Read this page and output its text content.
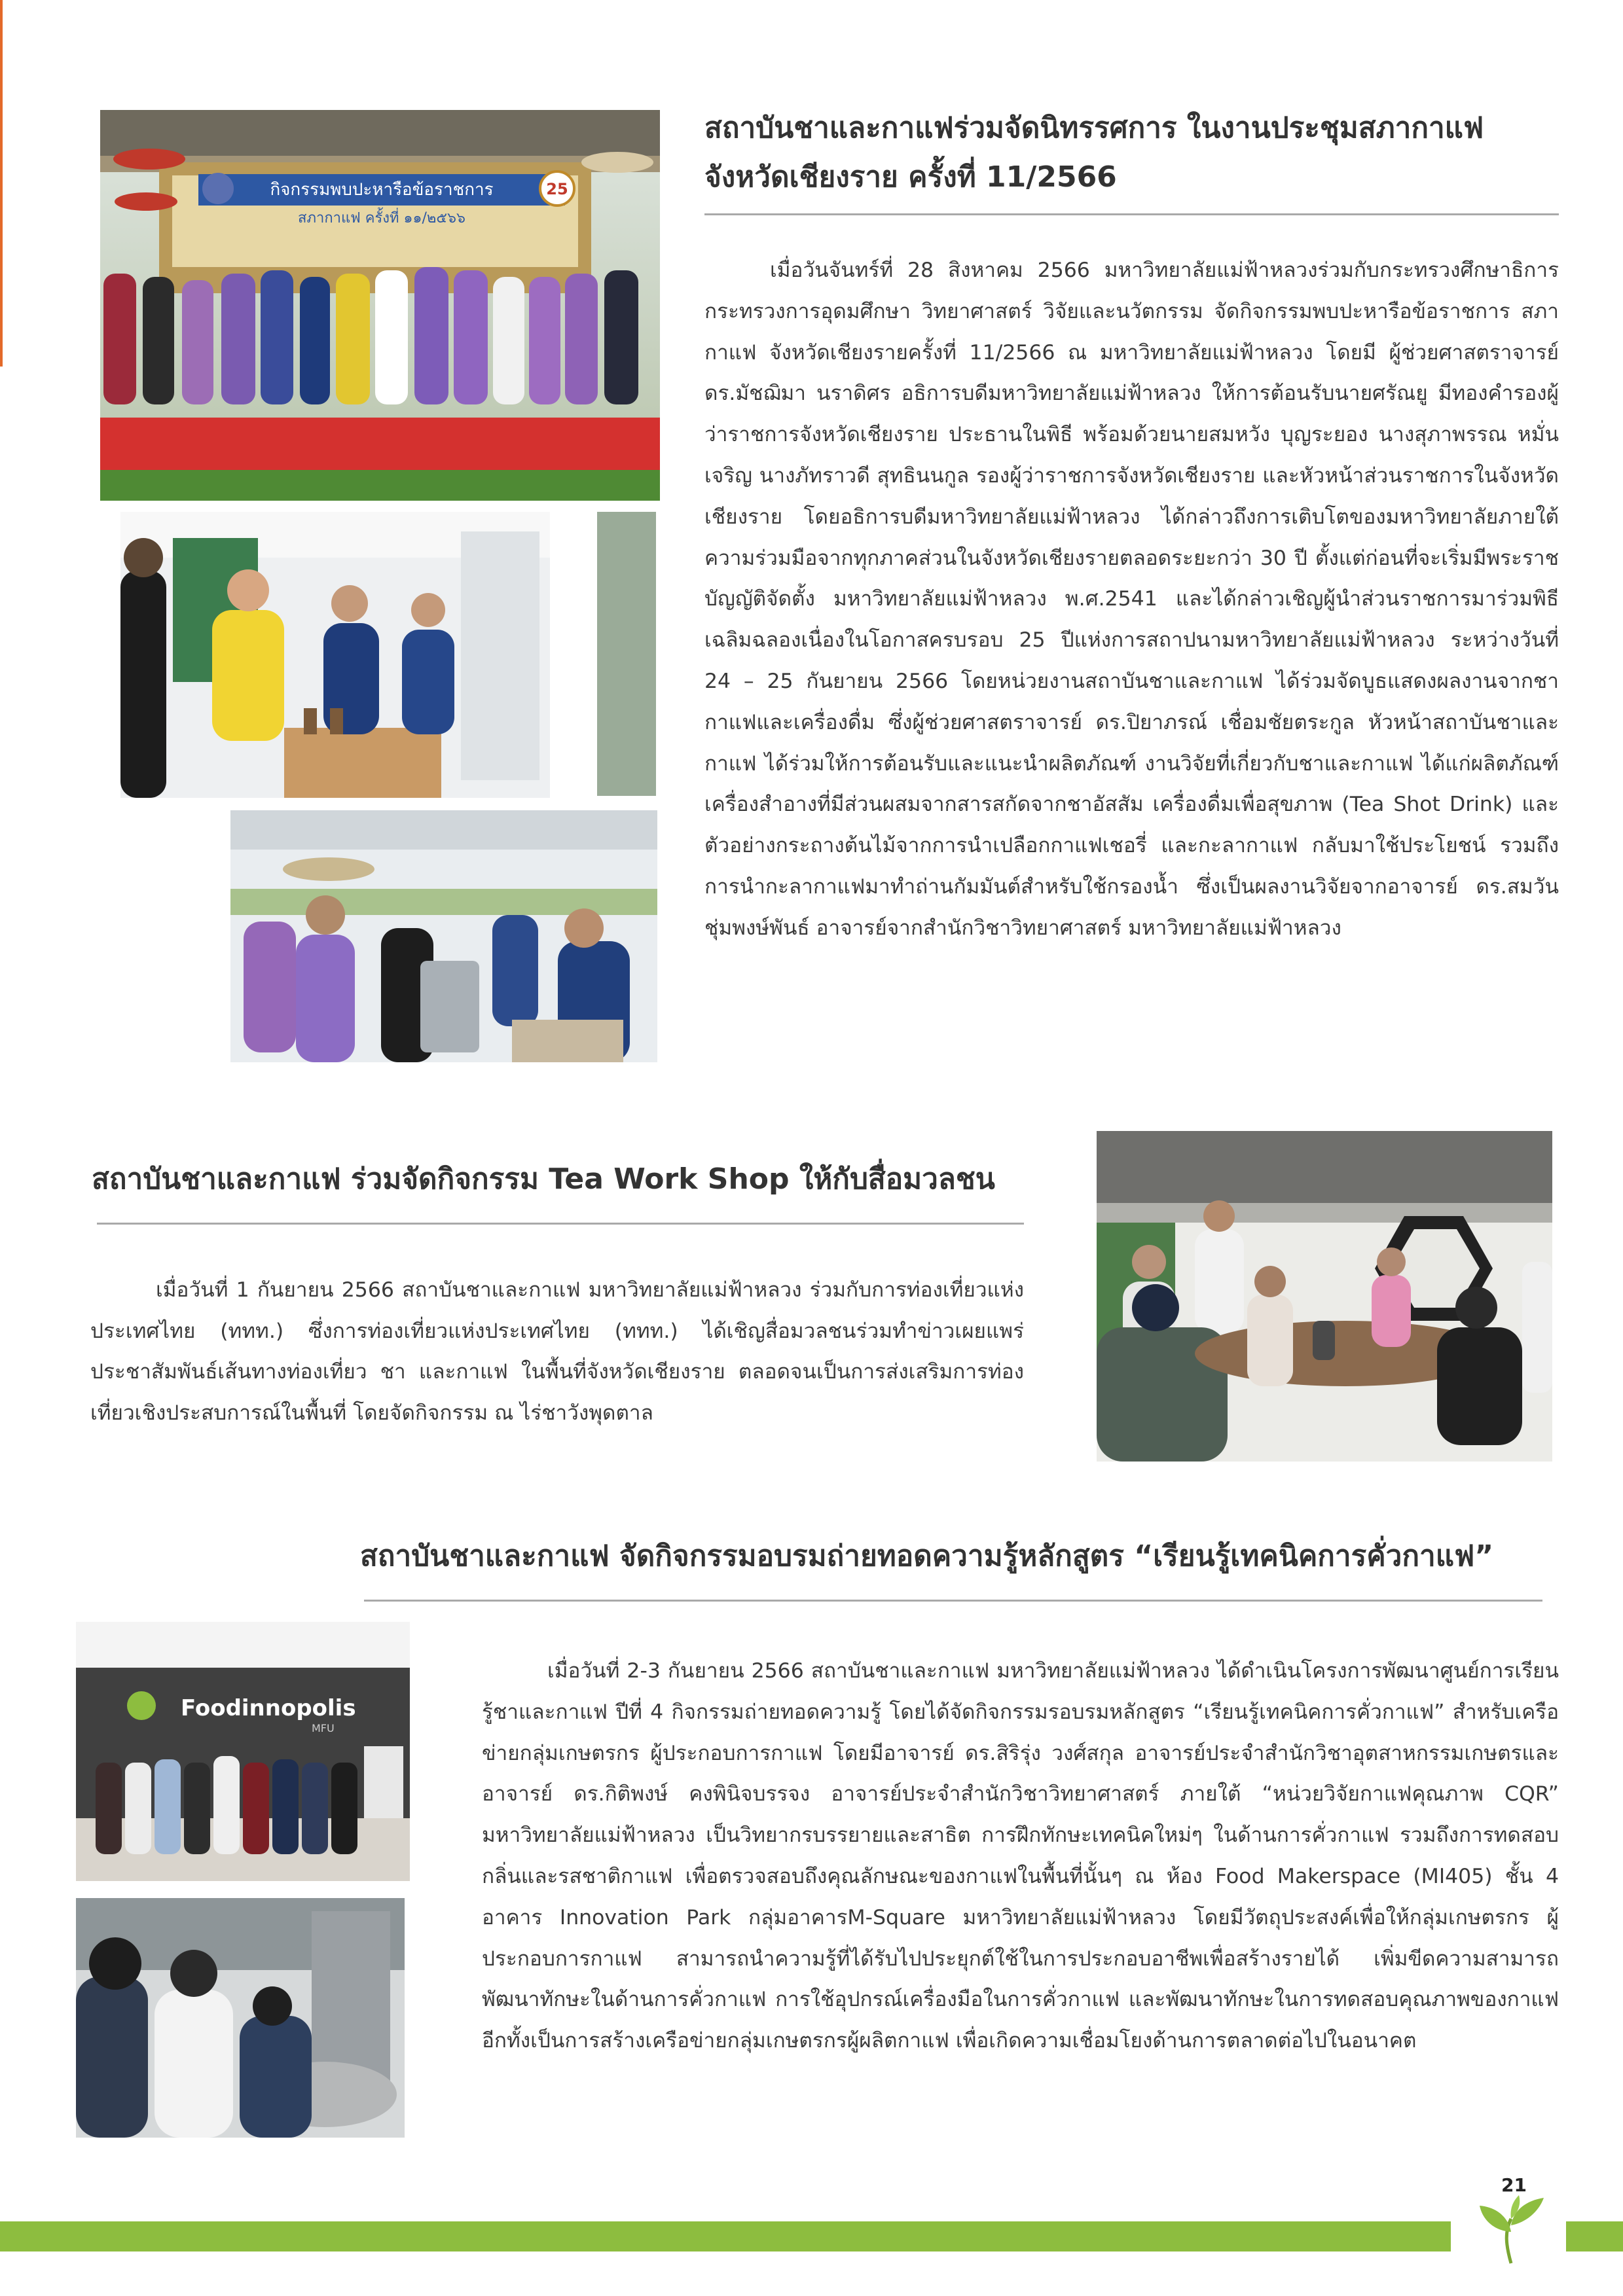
กิจกรรมพบปะหารือข้อราชการ
สภากาแฟ ครั้งที่ ๑๑/๒๕๖๖
25
สถาบันชาและกาแฟร่วมจัดนิทรรศการ ในงานประชุมสภากาแฟ
จังหวัดเชียงราย ครั้งที่ 11/2566

เมื่อวันจันทร์ที่ 28 สิงหาคม 2566 มหาวิทยาลัยแม่ฟ้าหลวงร่วมกับกระทรวงศึกษาธิการ กระทรวงการอุดมศึกษา วิทยาศาสตร์ วิจัยและนวัตกรรม จัดกิจกรรมพบปะหารือข้อราชการ สภากาแฟ จังหวัดเชียงรายครั้งที่ 11/2566 ณ มหาวิทยาลัยแม่ฟ้าหลวง โดยมี ผู้ช่วยศาสตราจารย์ ดร.มัชฌิมา นราดิศร อธิการบดีมหาวิทยาลัยแม่ฟ้าหลวง ให้การต้อนรับนายศรัณยู มีทองคำรองผู้ว่าราชการจังหวัดเชียงราย ประธานในพิธี พร้อมด้วยนายสมหวัง บุญระยอง นางสุภาพรรณ หมั่นเจริญ นางภัทราวดี สุทธินนกูล รองผู้ว่าราชการจังหวัดเชียงราย และหัวหน้าส่วนราชการในจังหวัดเชียงราย โดยอธิการบดีมหาวิทยาลัยแม่ฟ้าหลวง ได้กล่าวถึงการเติบโตของมหาวิทยาลัยภายใต้ความร่วมมือจากทุกภาคส่วนในจังหวัดเชียงรายตลอดระยะกว่า 30 ปี ตั้งแต่ก่อนที่จะเริ่มมีพระราชบัญญัติจัดตั้ง มหาวิทยาลัยแม่ฟ้าหลวง พ.ศ.2541 และได้กล่าวเชิญผู้นำส่วนราชการมาร่วมพิธีเฉลิมฉลองเนื่องในโอกาสครบรอบ 25 ปีแห่งการสถาปนามหาวิทยาลัยแม่ฟ้าหลวง ระหว่างวันที่ 24 – 25 กันยายน 2566 โดยหน่วยงานสถาบันชาและกาแฟ ได้ร่วมจัดบูธแสดงผลงานจากชา กาแฟและเครื่องดื่ม ซึ่งผู้ช่วยศาสตราจารย์ ดร.ปิยาภรณ์ เชื่อมชัยตระกูล หัวหน้าสถาบันชาและกาแฟ ได้ร่วมให้การต้อนรับและแนะนำผลิตภัณฑ์ งานวิจัยที่เกี่ยวกับชาและกาแฟ ได้แก่ผลิตภัณฑ์เครื่องสำอางที่มีส่วนผสมจากสารสกัดจากชาอัสสัม เครื่องดื่มเพื่อสุขภาพ (Tea Shot Drink) และตัวอย่างกระถางต้นไม้จากการนำเปลือกกาแฟเชอรี่ และกะลากาแฟ กลับมาใช้ประโยชน์ รวมถึงการนำกะลากาแฟมาทำถ่านกัมมันต์สำหรับใช้กรองน้ำ ซึ่งเป็นผลงานวิจัยจากอาจารย์ ดร.สมวัน ชุ่มพงษ์พันธ์ อาจารย์จากสำนักวิชาวิทยาศาสตร์ มหาวิทยาลัยแม่ฟ้าหลวง

สถาบันชาและกาแฟ ร่วมจัดกิจกรรม Tea Work Shop ให้กับสื่อมวลชน

เมื่อวันที่ 1 กันยายน 2566 สถาบันชาและกาแฟ มหาวิทยาลัยแม่ฟ้าหลวง ร่วมกับการท่องเที่ยวแห่งประเทศไทย (ททท.) ซึ่งการท่องเที่ยวแห่งประเทศไทย (ททท.) ได้เชิญสื่อมวลชนร่วมทำข่าวเผยแพร่ประชาสัมพันธ์เส้นทางท่องเที่ยว ชา และกาแฟ ในพื้นที่จังหวัดเชียงราย ตลอดจนเป็นการส่งเสริมการท่องเที่ยวเชิงประสบการณ์ในพื้นที่ โดยจัดกิจกรรม ณ ไร่ชาวังพุดตาล

สถาบันชาและกาแฟ จัดกิจกรรมอบรมถ่ายทอดความรู้หลักสูตร “เรียนรู้เทคนิคการคั่วกาแฟ”
Foodinnopolis
MFU

เมื่อวันที่ 2-3 กันยายน 2566 สถาบันชาและกาแฟ มหาวิทยาลัยแม่ฟ้าหลวง ได้ดำเนินโครงการพัฒนาศูนย์การเรียนรู้ชาและกาแฟ ปีที่ 4 กิจกรรมถ่ายทอดความรู้ โดยได้จัดกิจกรรมรอบรมหลักสูตร “เรียนรู้เทคนิคการคั่วกาแฟ” สำหรับเครือข่ายกลุ่มเกษตรกร ผู้ประกอบการกาแฟ โดยมีอาจารย์ ดร.สิริรุ่ง วงศ์สกุล อาจารย์ประจำสำนักวิชาอุตสาหกรรมเกษตรและอาจารย์ ดร.กิติพงษ์ คงพินิจบรรจง อาจารย์ประจำสำนักวิชาวิทยาศาสตร์ ภายใต้ “หน่วยวิจัยกาแฟคุณภาพ CQR” มหาวิทยาลัยแม่ฟ้าหลวง เป็นวิทยากรบรรยายและสาธิต การฝึกทักษะเทคนิคใหม่ๆ ในด้านการคั่วกาแฟ รวมถึงการทดสอบกลิ่นและรสชาติกาแฟ เพื่อตรวจสอบถึงคุณลักษณะของกาแฟในพื้นที่นั้นๆ ณ ห้อง Food Makerspace (MI405) ชั้น 4 อาคาร Innovation Park กลุ่มอาคารM-Square มหาวิทยาลัยแม่ฟ้าหลวง โดยมีวัตถุประสงค์เพื่อให้กลุ่มเกษตรกร ผู้ประกอบการกาแฟ สามารถนำความรู้ที่ได้รับไปประยุกต์ใช้ในการประกอบอาชีพเพื่อสร้างรายได้ เพิ่มขีดความสามารถพัฒนาทักษะในด้านการคั่วกาแฟ การใช้อุปกรณ์เครื่องมือในการคั่วกาแฟ และพัฒนาทักษะในการทดสอบคุณภาพของกาแฟอีกทั้งเป็นการสร้างเครือข่ายกลุ่มเกษตรกรผู้ผลิตกาแฟ เพื่อเกิดความเชื่อมโยงด้านการตลาดต่อไปในอนาคต

21
